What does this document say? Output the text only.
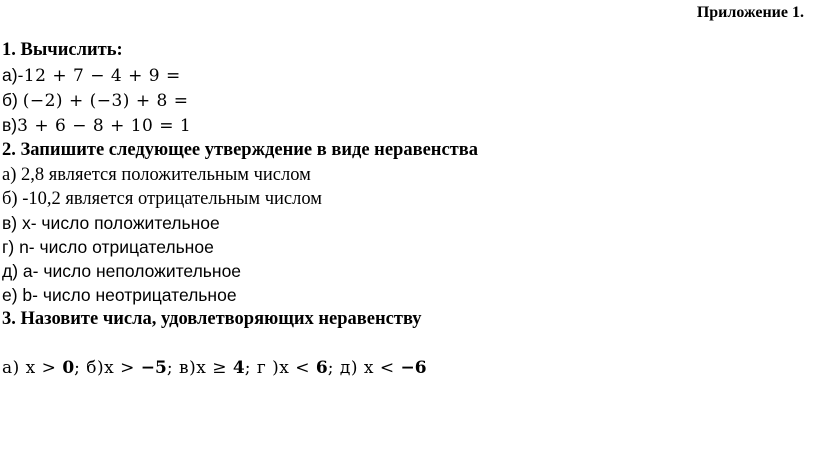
Приложение 1.
1. Вычислить:
а)-12 + 7 − 4 + 9 =
б) (−2) + (−3) + 8 =
в)3 + 6 − 8 + 10 = 1
2. Запишите следующее утверждение в виде неравенства
а) 2,8 является положительным числом
б) -10,2 является отрицательным числом
в) x- число положительное
г) n- число отрицательное
д) a- число неположительное
е) b- число неотрицательное
3. Назовите числа, удовлетворяющих неравенству
а) x > 0; б)x > −5; в)x ≥ 4; г )x < 6; д) x < −6
